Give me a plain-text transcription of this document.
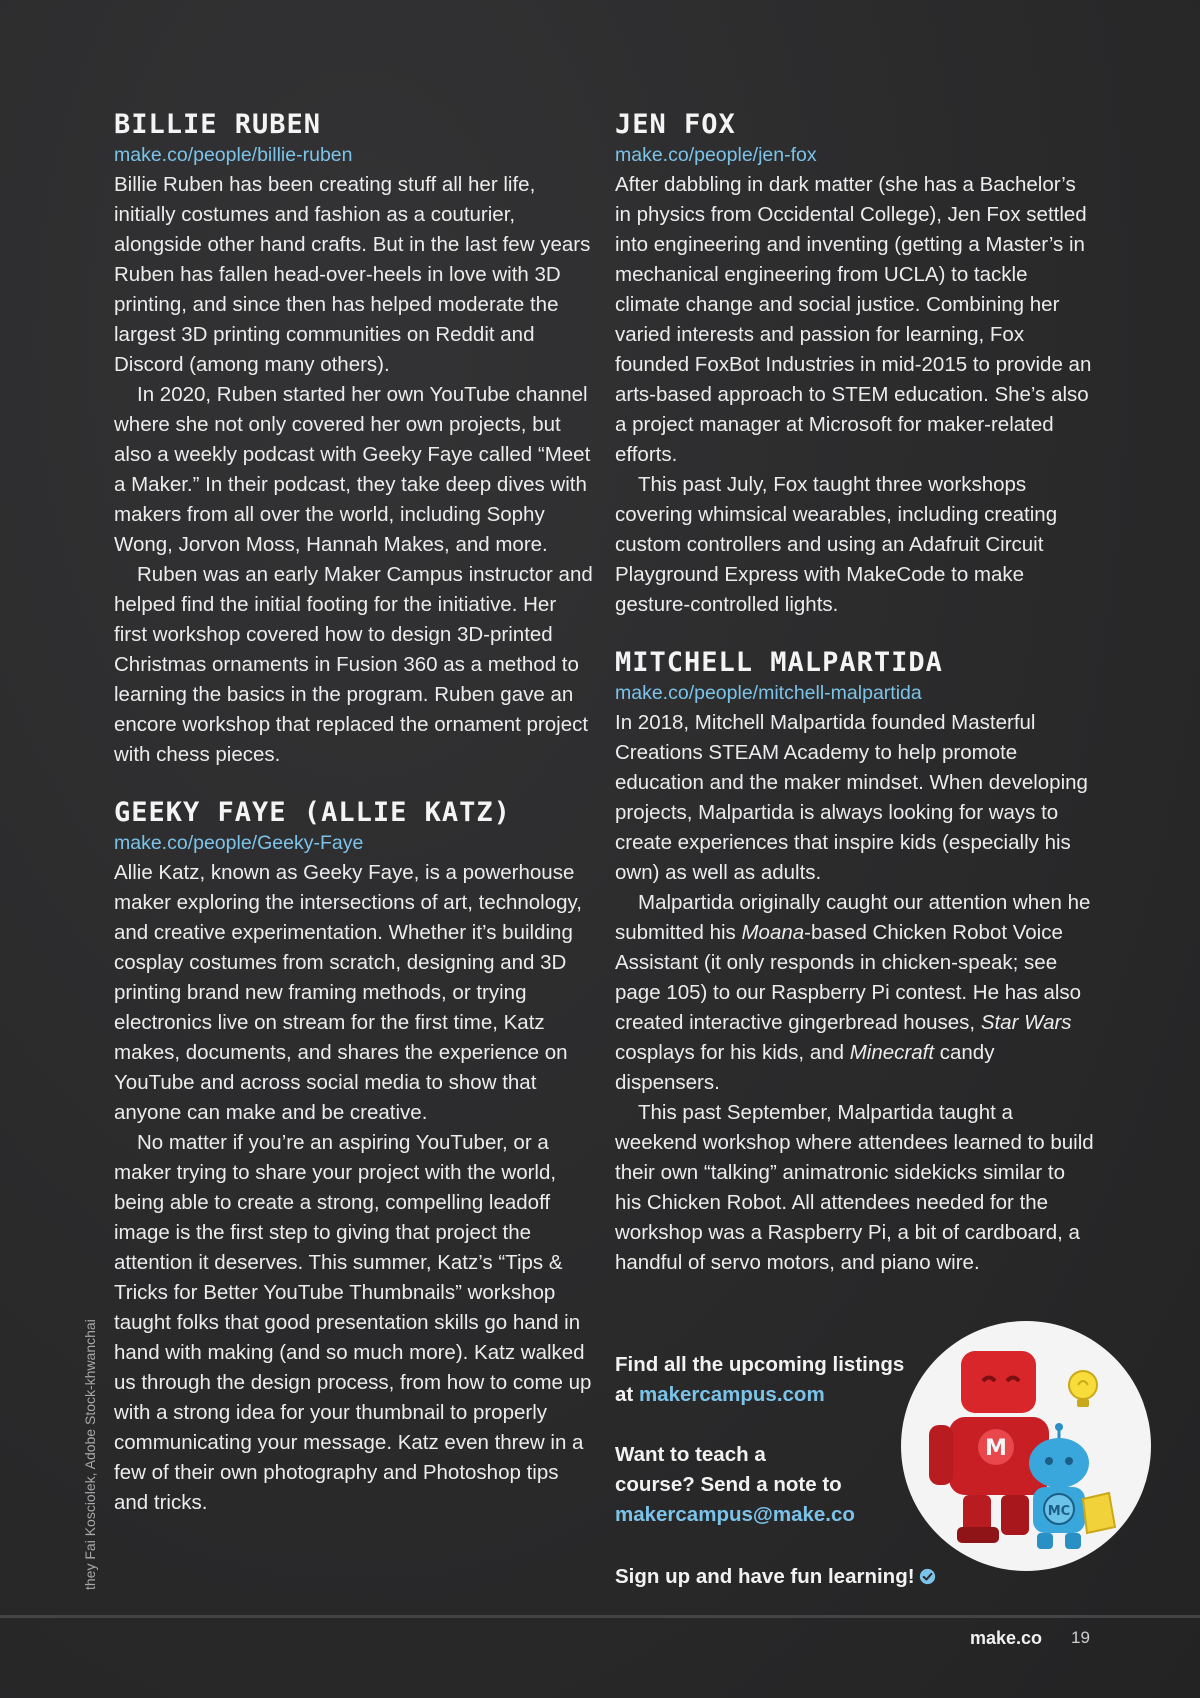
BILLIE RUBEN
make.co/people/billie-ruben

Billie Ruben has been creating stuff all her life, initially costumes and fashion as a couturier, alongside other hand crafts. But in the last few years Ruben has fallen head-over-heels in love with 3D printing, and since then has helped moderate the largest 3D printing communities on Reddit and Discord (among many others).

In 2020, Ruben started her own YouTube channel where she not only covered her own projects, but also a weekly podcast with Geeky Faye called “Meet a Maker.” In their podcast, they take deep dives with makers from all over the world, including Sophy Wong, Jorvon Moss, Hannah Makes, and more.

Ruben was an early Maker Campus instructor and helped find the initial footing for the initiative. Her first workshop covered how to design 3D-printed Christmas ornaments in Fusion 360 as a method to learning the basics in the program. Ruben gave an encore workshop that replaced the ornament project with chess pieces.

GEEKY FAYE (ALLIE KATZ)
make.co/people/Geeky-Faye

Allie Katz, known as Geeky Faye, is a powerhouse maker exploring the intersections of art, technology, and creative experimentation. Whether it’s building cosplay costumes from scratch, designing and 3D printing brand new framing methods, or trying electronics live on stream for the first time, Katz makes, documents, and shares the experience on YouTube and across social media to show that anyone can make and be creative.

No matter if you’re an aspiring YouTuber, or a maker trying to share your project with the world, being able to create a strong, compelling leadoff image is the first step to giving that project the attention it deserves. This summer, Katz’s “Tips & Tricks for Better YouTube Thumbnails” workshop taught folks that good presentation skills go hand in hand with making (and so much more). Katz walked us through the design process, from how to come up with a strong idea for your thumbnail to properly communicating your message. Katz even threw in a few of their own photography and Photoshop tips and tricks.

JEN FOX
make.co/people/jen-fox

After dabbling in dark matter (she has a Bachelor’s in physics from Occidental College), Jen Fox settled into engineering and inventing (getting a Master’s in mechanical engineering from UCLA) to tackle climate change and social justice. Combining her varied interests and passion for learning, Fox founded FoxBot Industries in mid-2015 to provide an arts-based approach to STEM education. She’s also a project manager at Microsoft for maker-related efforts.

This past July, Fox taught three workshops covering whimsical wearables, including creating custom controllers and using an Adafruit Circuit Playground Express with MakeCode to make gesture-controlled lights.

MITCHELL MALPARTIDA
make.co/people/mitchell-malpartida

In 2018, Mitchell Malpartida founded Masterful Creations STEAM Academy to help promote education and the maker mindset. When developing projects, Malpartida is always looking for ways to create experiences that inspire kids (especially his own) as well as adults.

Malpartida originally caught our attention when he submitted his Moana-based Chicken Robot Voice Assistant (it only responds in chicken-speak; see page 105) to our Raspberry Pi contest. He has also created interactive gingerbread houses, Star Wars cosplays for his kids, and Minecraft candy dispensers.

This past September, Malpartida taught a weekend workshop where attendees learned to build their own “talking” animatronic sidekicks similar to his Chicken Robot. All attendees needed for the workshop was a Raspberry Pi, a bit of cardboard, a handful of servo motors, and piano wire.

Find all the upcoming listings

at makercampus.com

Want to teach a

course? Send a note to

makercampus@make.co

Sign up and have fun learning!

M
MC
they Fai Kosciolek, Adobe Stock-khwanchai
make.co 19
